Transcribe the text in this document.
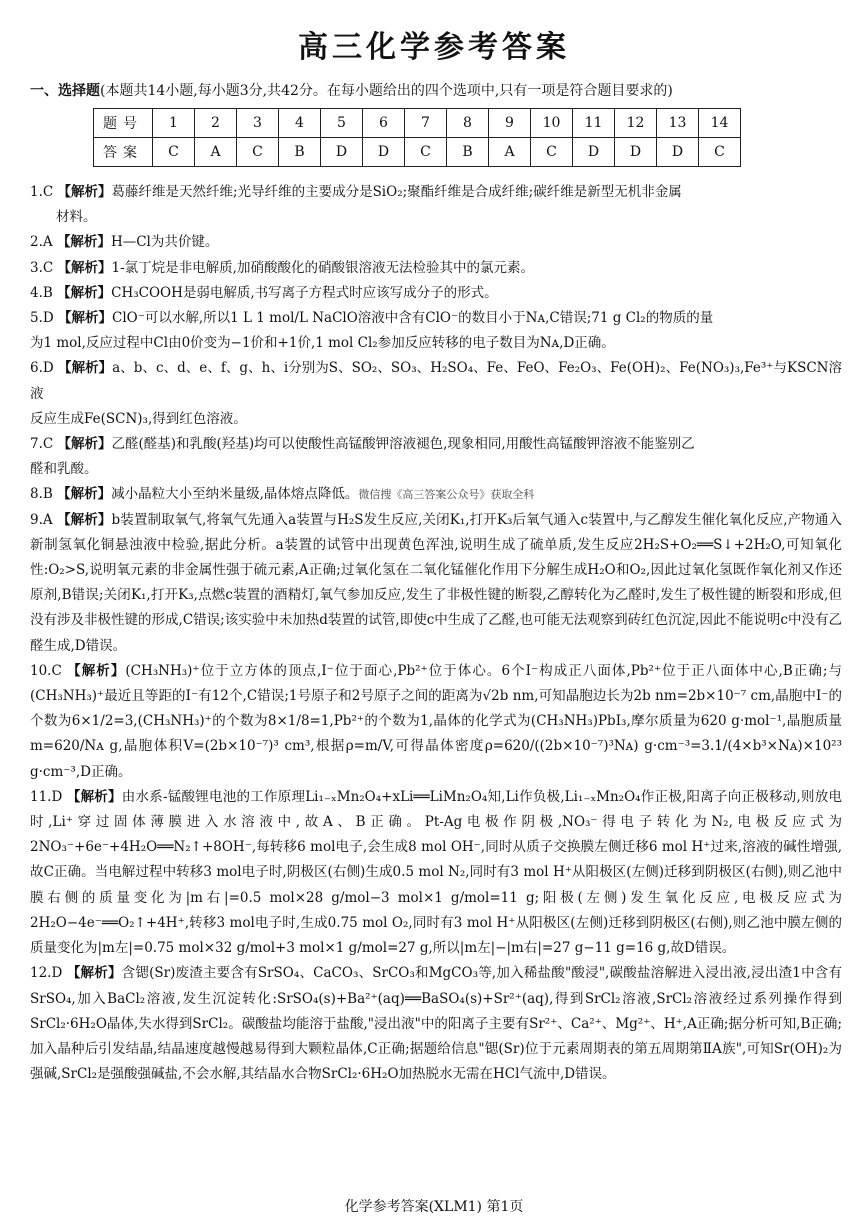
高三化学参考答案
一、选择题(本题共14小题,每小题3分,共42分。在每小题给出的四个选项中,只有一项是符合题目要求的)
题号	1	2	3	4	5	6	7	8	9	10	11	12	13	14
答案	C	A	C	B	D	D	C	B	A	C	D	D	D	C

1.C 【解析】葛藤纤维是天然纤维;光导纤维的主要成分是SiO₂;聚酯纤维是合成纤维;碳纤维是新型无机非金属
材料。

2.A 【解析】H—Cl为共价键。

3.C 【解析】1-氯丁烷是非电解质,加硝酸酸化的硝酸银溶液无法检验其中的氯元素。

4.B 【解析】CH₃COOH是弱电解质,书写离子方程式时应该写成分子的形式。

5.D 【解析】ClO⁻可以水解,所以1 L 1 mol/L NaClO溶液中含有ClO⁻的数目小于Nᴀ,C错误;71 g Cl₂的物质的量
为1 mol,反应过程中Cl由0价变为−1价和+1价,1 mol Cl₂参加反应转移的电子数目为Nᴀ,D正确。

6.D 【解析】a、b、c、d、e、f、g、h、i分别为S、SO₂、SO₃、H₂SO₄、Fe、FeO、Fe₂O₃、Fe(OH)₂、Fe(NO₃)₃,Fe³⁺与KSCN溶液
反应生成Fe(SCN)₃,得到红色溶液。

7.C 【解析】乙醛(醛基)和乳酸(羟基)均可以使酸性高锰酸钾溶液褪色,现象相同,用酸性高锰酸钾溶液不能鉴别乙
醛和乳酸。

8.B 【解析】减小晶粒大小至纳米量级,晶体熔点降低。微信搜《高三答案公众号》获取全科

9.A 【解析】b装置制取氧气,将氧气先通入a装置与H₂S发生反应,关闭K₁,打开K₃后氧气通入c装置中,与乙醇发生催化氧化反应,产物通入新制氢氧化铜悬浊液中检验,据此分析。a装置的试管中出现黄色浑浊,说明生成了硫单质,发生反应2H₂S+O₂══S↓+2H₂O,可知氧化性:O₂>S,说明氧元素的非金属性强于硫元素,A正确;过氧化氢在二氧化锰催化作用下分解生成H₂O和O₂,因此过氧化氢既作氧化剂又作还原剂,B错误;关闭K₁,打开K₃,点燃c装置的酒精灯,氧气参加反应,发生了非极性键的断裂,乙醇转化为乙醛时,发生了极性键的断裂和形成,但没有涉及非极性键的形成,C错误;该实验中未加热d装置的试管,即使c中生成了乙醛,也可能无法观察到砖红色沉淀,因此不能说明c中没有乙醛生成,D错误。

10.C 【解析】(CH₃NH₃)⁺位于立方体的顶点,I⁻位于面心,Pb²⁺位于体心。6个I⁻构成正八面体,Pb²⁺位于正八面体中心,B正确;与(CH₃NH₃)⁺最近且等距的I⁻有12个,C错误;1号原子和2号原子之间的距离为√2b nm,可知晶胞边长为2b nm=2b×10⁻⁷ cm,晶胞中I⁻的个数为6×1/2=3,(CH₃NH₃)⁺的个数为8×1/8=1,Pb²⁺的个数为1,晶体的化学式为(CH₃NH₃)PbI₃,摩尔质量为620 g·mol⁻¹,晶胞质量m=620/Nᴀ g,晶胞体积V=(2b×10⁻⁷)³ cm³,根据ρ=m/V,可得晶体密度ρ=620/((2b×10⁻⁷)³Nᴀ) g·cm⁻³=3.1/(4×b³×Nᴀ)×10²³ g·cm⁻³,D正确。

11.D 【解析】由水系-锰酸锂电池的工作原理Li₁₋ₓMn₂O₄+xLi══LiMn₂O₄知,Li作负极,Li₁₋ₓMn₂O₄作正极,阳离子向正极移动,则放电时,Li⁺穿过固体薄膜进入水溶液中,故A、B正确。Pt-Ag电极作阴极,NO₃⁻得电子转化为N₂,电极反应式为2NO₃⁻+6e⁻+4H₂O══N₂↑+8OH⁻,每转移6 mol电子,会生成8 mol OH⁻,同时从质子交换膜左侧迁移6 mol H⁺过来,溶液的碱性增强,故C正确。当电解过程中转移3 mol电子时,阴极区(右侧)生成0.5 mol N₂,同时有3 mol H⁺从阳极区(左侧)迁移到阴极区(右侧),则乙池中膜右侧的质量变化为|m右|=0.5 mol×28 g/mol−3 mol×1 g/mol=11 g;阳极(左侧)发生氧化反应,电极反应式为2H₂O−4e⁻══O₂↑+4H⁺,转移3 mol电子时,生成0.75 mol O₂,同时有3 mol H⁺从阳极区(左侧)迁移到阴极区(右侧),则乙池中膜左侧的质量变化为|m左|=0.75 mol×32 g/mol+3 mol×1 g/mol=27 g,所以|m左|−|m右|=27 g−11 g=16 g,故D错误。

12.D 【解析】含锶(Sr)废渣主要含有SrSO₄、CaCO₃、SrCO₃和MgCO₃等,加入稀盐酸"酸浸",碳酸盐溶解进入浸出液,浸出渣1中含有SrSO₄,加入BaCl₂溶液,发生沉淀转化:SrSO₄(s)+Ba²⁺(aq)══BaSO₄(s)+Sr²⁺(aq),得到SrCl₂溶液,SrCl₂溶液经过系列操作得到SrCl₂·6H₂O晶体,失水得到SrCl₂。碳酸盐均能溶于盐酸,"浸出液"中的阳离子主要有Sr²⁺、Ca²⁺、Mg²⁺、H⁺,A正确;据分析可知,B正确;加入晶种后引发结晶,结晶速度越慢越易得到大颗粒晶体,C正确;据题给信息"锶(Sr)位于元素周期表的第五周期第ⅡA族",可知Sr(OH)₂为强碱,SrCl₂是强酸强碱盐,不会水解,其结晶水合物SrCl₂·6H₂O加热脱水无需在HCl气流中,D错误。

化学参考答案(XLM1) 第1页
